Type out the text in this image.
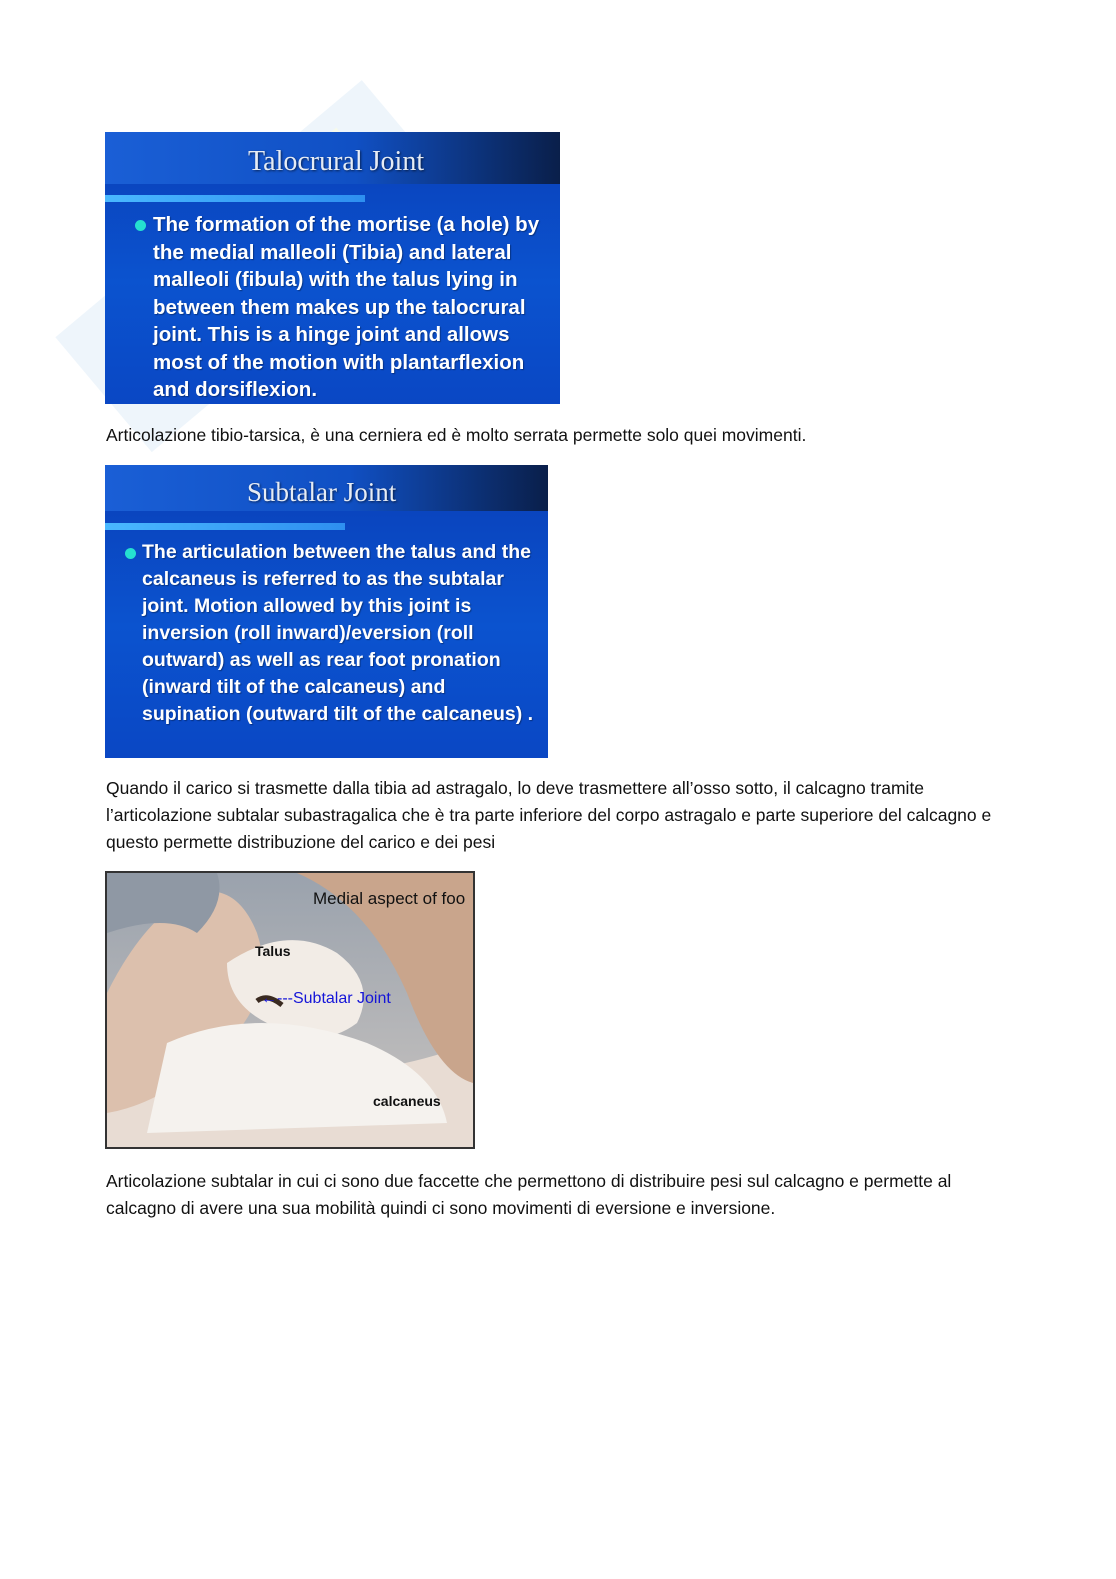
Talocrural Joint
The formation of the mortise (a hole) by the medial malleoli (Tibia) and lateral malleoli (fibula) with the talus lying in between them makes up the talocrural joint. This is a hinge joint and allows most of the motion with plantarflexion and dorsiflexion.
Articolazione tibio-tarsica, è una cerniera ed è molto serrata permette solo quei movimenti.
Subtalar Joint
The articulation between the talus and the calcaneus is referred to as the subtalar joint. Motion allowed by this joint is inversion (roll inward)/eversion (roll outward) as well as rear foot pronation (inward tilt of the calcaneus) and supination (outward tilt of the calcaneus) .
Quando il carico si trasmette dalla tibia ad astragalo, lo deve trasmettere all’osso sotto, il calcagno tramite l’articolazione subtalar subastragalica che è tra parte inferiore del corpo astragalo e parte superiore del calcagno e questo permette distribuzione del carico e dei pesi
Medial aspect of foo
Talus
←---Subtalar Joint
calcaneus
Articolazione subtalar in cui ci sono due faccette che permettono di distribuire pesi sul calcagno e permette al calcagno di avere una sua mobilità quindi ci sono movimenti di eversione e inversione.
